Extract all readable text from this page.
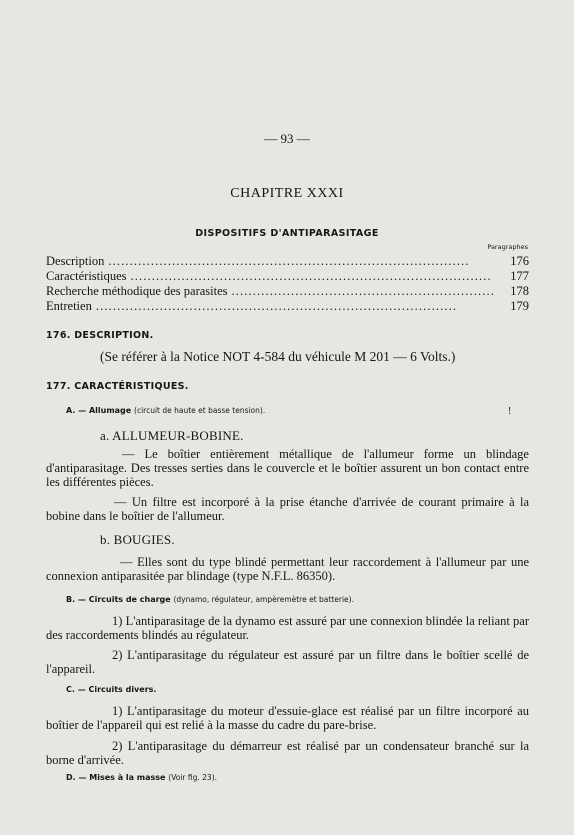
— 93 —
CHAPITRE XXXI
DISPOSITIFS D'ANTIPARASITAGE
Paragraphes
Description . . .	176
Caractéristiques . . .	177
Recherche méthodique des parasites . . .	178
Entretien . . .	179
176. DESCRIPTION.
(Se référer à la Notice NOT 4-584 du véhicule M 201 — 6 Volts.)
177. CARACTÉRISTIQUES.
A. — Allumage (circuit de haute et basse tension).	!
a. ALLUMEUR-BOBINE.
— Le boîtier entièrement métallique de l'allumeur forme un blindage d'antiparasitage. Des tresses serties dans le couvercle et le boîtier assurent un bon contact entre les différentes pièces.
— Un filtre est incorporé à la prise étanche d'arrivée de courant primaire à la bobine dans le boîtier de l'allumeur.
b. BOUGIES.
— Elles sont du type blindé permettant leur raccordement à l'allumeur par une connexion antiparasitée par blindage (type N.F.L. 86350).
B. — Circuits de charge (dynamo, régulateur, ampèremètre et batterie).
1) L'antiparasitage de la dynamo est assuré par une connexion blindée la reliant par des raccordements blindés au régulateur.
2) L'antiparasitage du régulateur est assuré par un filtre dans le boîtier scellé de l'appareil.
C. — Circuits divers.
1) L'antiparasitage du moteur d'essuie-glace est réalisé par un filtre incorporé au boîtier de l'appareil qui est relié à la masse du cadre du pare-brise.
2) L'antiparasitage du démarreur est réalisé par un condensateur branché sur la borne d'arrivée.
D. — Mises à la masse (Voir fig. 23).
